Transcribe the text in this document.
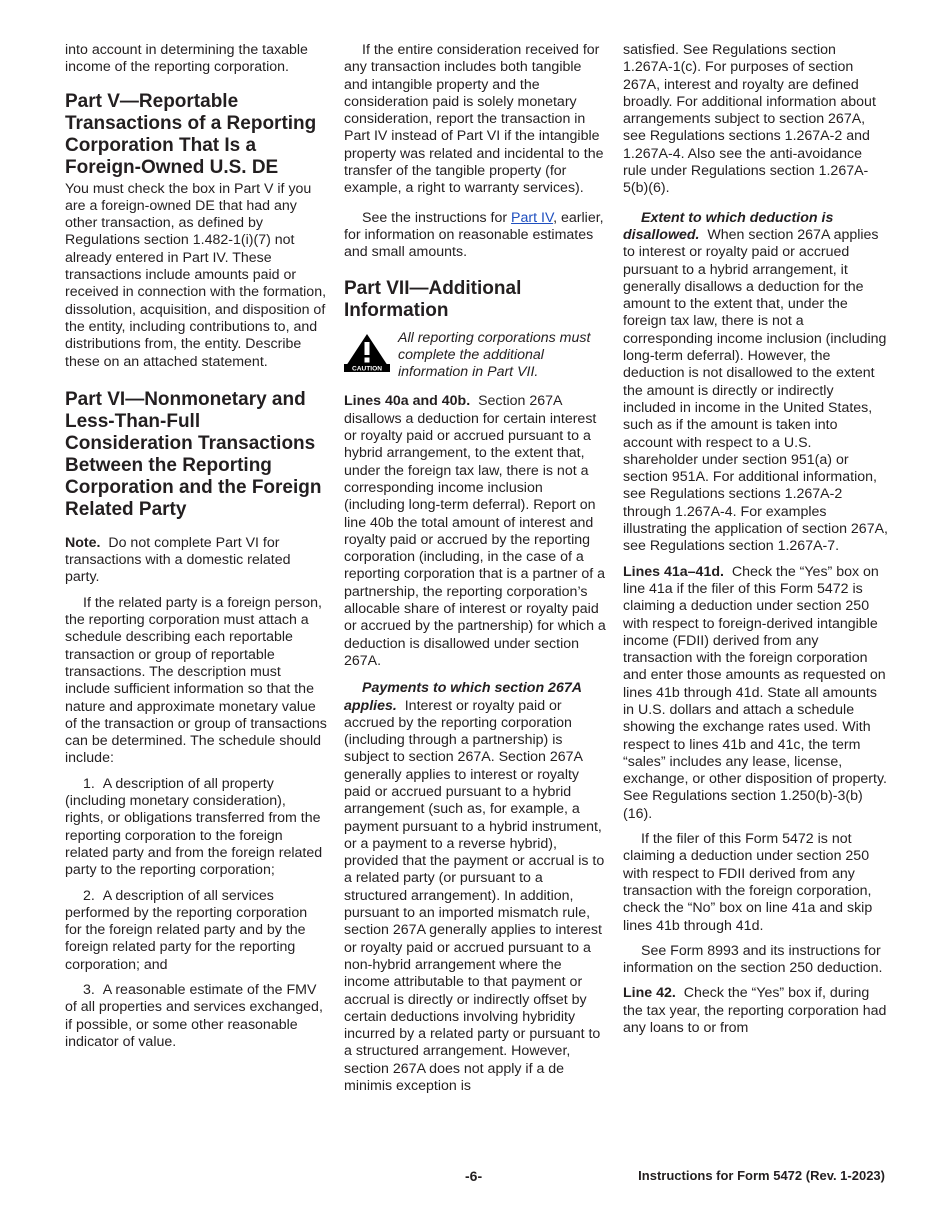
into account in determining the taxable income of the reporting corporation.

Part V—Reportable Transactions of a Reporting Corporation That Is a Foreign-Owned U.S. DE

You must check the box in Part V if you are a foreign-owned DE that had any other transaction, as defined by Regulations section 1.482-1(i)(7) not already entered in Part IV. These transactions include amounts paid or received in connection with the formation, dissolution, acquisition, and disposition of the entity, including contributions to, and distributions from, the entity. Describe these on an attached statement.

Part VI—Nonmonetary and Less-Than-Full Consideration Transactions Between the Reporting Corporation and the Foreign Related Party

Note. Do not complete Part VI for transactions with a domestic related party.

If the related party is a foreign person, the reporting corporation must attach a schedule describing each reportable transaction or group of reportable transactions. The description must include sufficient information so that the nature and approximate monetary value of the transaction or group of transactions can be determined. The schedule should include:

1.  A description of all property (including monetary consideration), rights, or obligations transferred from the reporting corporation to the foreign related party and from the foreign related party to the reporting corporation;

2.  A description of all services performed by the reporting corporation for the foreign related party and by the foreign related party for the reporting corporation; and

3.  A reasonable estimate of the FMV of all properties and services exchanged, if possible, or some other reasonable indicator of value.

If the entire consideration received for any transaction includes both tangible and intangible property and the consideration paid is solely monetary consideration, report the transaction in Part IV instead of Part VI if the intangible property was related and incidental to the transfer of the tangible property (for example, a right to warranty services).

See the instructions for Part IV, earlier, for information on reasonable estimates and small amounts.

Part VII—Additional Information
CAUTION
All reporting corporations must complete the additional information in Part VII.

Lines 40a and 40b. Section 267A disallows a deduction for certain interest or royalty paid or accrued pursuant to a hybrid arrangement, to the extent that, under the foreign tax law, there is not a corresponding income inclusion (including long-term deferral). Report on line 40b the total amount of interest and royalty paid or accrued by the reporting corporation (including, in the case of a reporting corporation that is a partner of a partnership, the reporting corporation’s allocable share of interest or royalty paid or accrued by the partnership) for which a deduction is disallowed under section 267A.

Payments to which section 267A applies. Interest or royalty paid or accrued by the reporting corporation (including through a partnership) is subject to section 267A. Section 267A generally applies to interest or royalty paid or accrued pursuant to a hybrid arrangement (such as, for example, a payment pursuant to a hybrid instrument, or a payment to a reverse hybrid), provided that the payment or accrual is to a related party (or pursuant to a structured arrangement). In addition, pursuant to an imported mismatch rule, section 267A generally applies to interest or royalty paid or accrued pursuant to a non-hybrid arrangement where the income attributable to that payment or accrual is directly or indirectly offset by certain deductions involving hybridity incurred by a related party or pursuant to a structured arrangement. However, section 267A does not apply if a de minimis exception is

satisfied. See Regulations section 1.267A-1(c). For purposes of section 267A, interest and royalty are defined broadly. For additional information about arrangements subject to section 267A, see Regulations sections 1.267A-2 and 1.267A-4. Also see the anti-avoidance rule under Regulations section 1.267A-5(b)(6).

Extent to which deduction is disallowed. When section 267A applies to interest or royalty paid or accrued pursuant to a hybrid arrangement, it generally disallows a deduction for the amount to the extent that, under the foreign tax law, there is not a corresponding income inclusion (including long-term deferral). However, the deduction is not disallowed to the extent the amount is directly or indirectly included in income in the United States, such as if the amount is taken into account with respect to a U.S. shareholder under section 951(a) or section 951A. For additional information, see Regulations sections 1.267A-2 through 1.267A-4. For examples illustrating the application of section 267A, see Regulations section 1.267A-7.

Lines 41a–41d. Check the “Yes” box on line 41a if the filer of this Form 5472 is claiming a deduction under section 250 with respect to foreign-derived intangible income (FDII) derived from any transaction with the foreign corporation and enter those amounts as requested on lines 41b through 41d. State all amounts in U.S. dollars and attach a schedule showing the exchange rates used. With respect to lines 41b and 41c, the term “sales” includes any lease, license, exchange, or other disposition of property. See Regulations section 1.250(b)-3(b)(16).

If the filer of this Form 5472 is not claiming a deduction under section 250 with respect to FDII derived from any transaction with the foreign corporation, check the “No” box on line 41a and skip lines 41b through 41d.

See Form 8993 and its instructions for information on the section 250 deduction.

Line 42. Check the “Yes” box if, during the tax year, the reporting corporation had any loans to or from

-6-	Instructions for Form 5472 (Rev. 1-2023)
